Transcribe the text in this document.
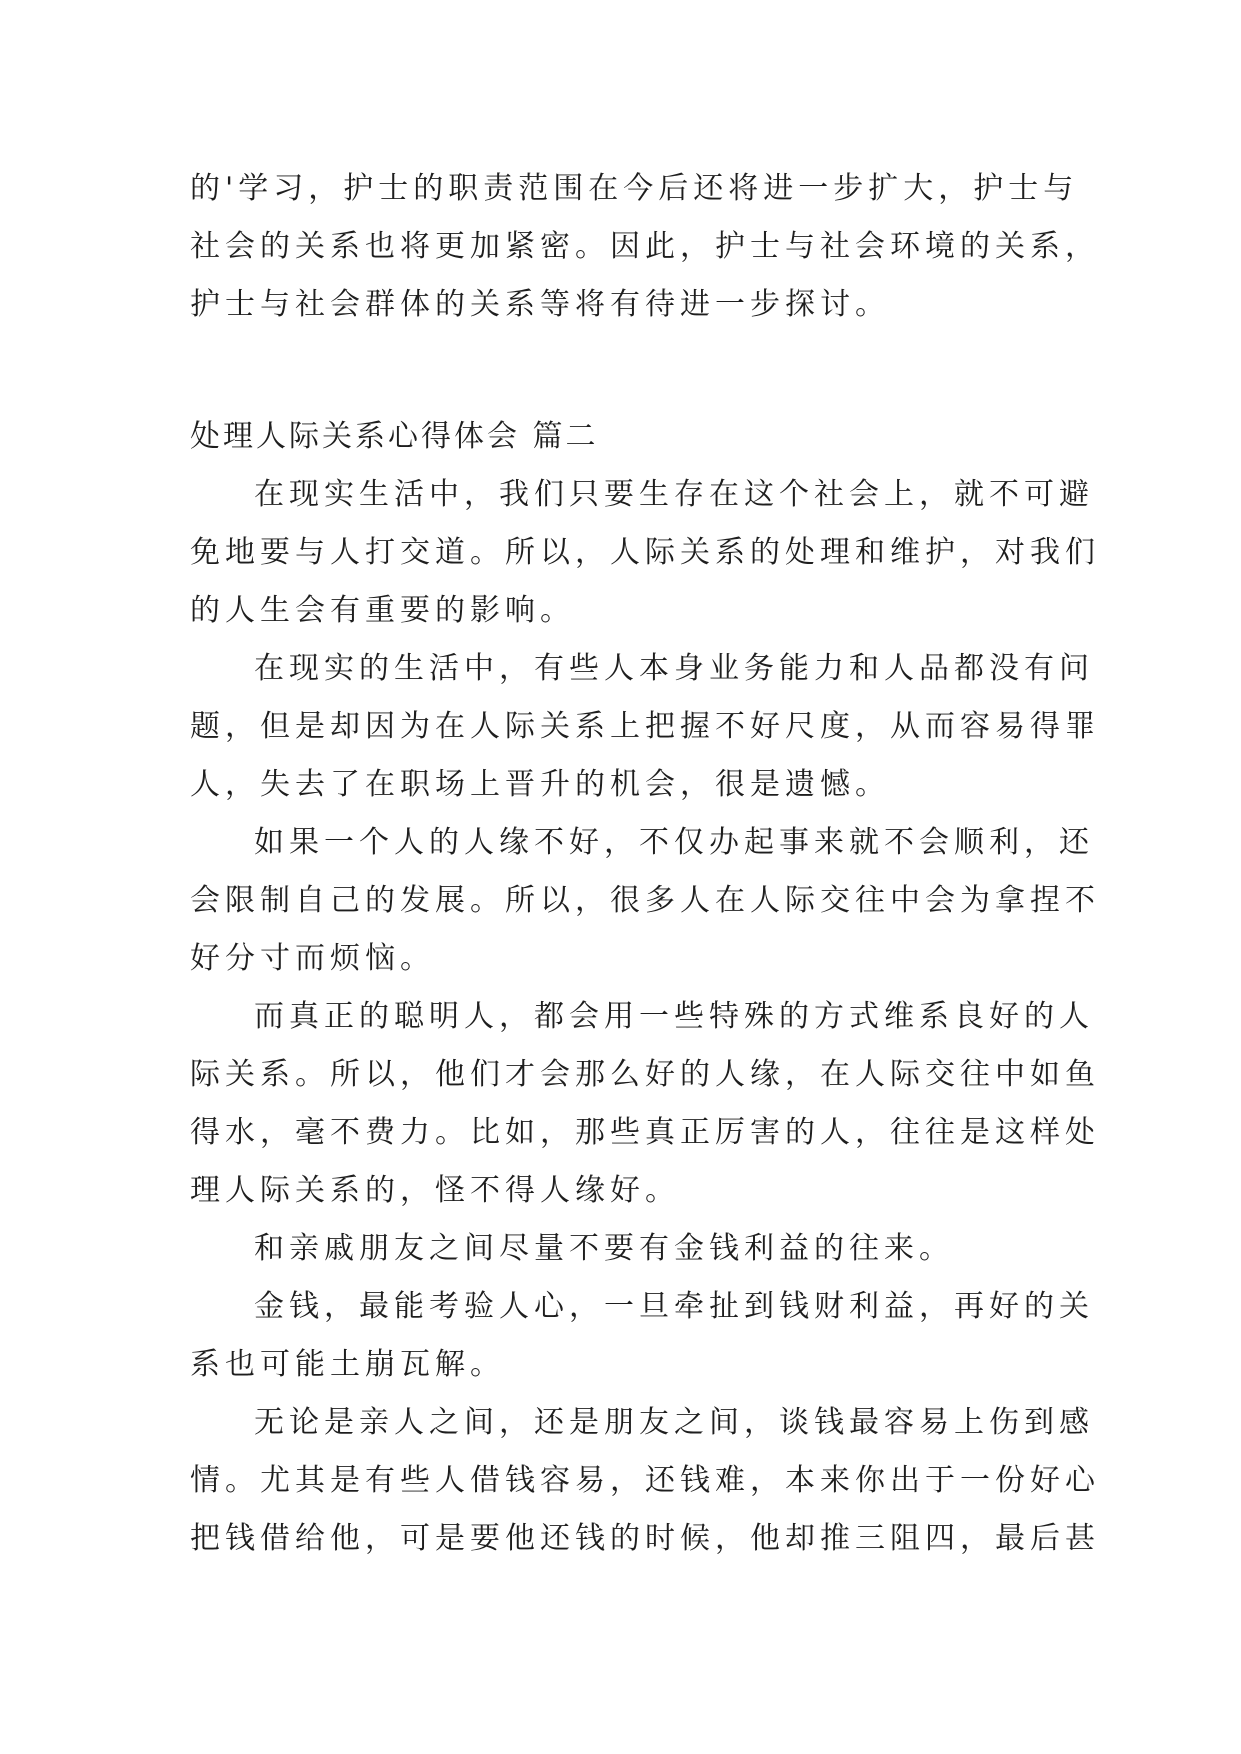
的'学习，护士的职责范围在今后还将进一步扩大，护士与
社会的关系也将更加紧密。因此，护士与社会环境的关系，
护士与社会群体的关系等将有待进一步探讨。
处理人际关系心得体会 篇二
在现实生活中，我们只要生存在这个社会上，就不可避
免地要与人打交道。所以，人际关系的处理和维护，对我们
的人生会有重要的影响。
在现实的生活中，有些人本身业务能力和人品都没有问
题，但是却因为在人际关系上把握不好尺度，从而容易得罪
人，失去了在职场上晋升的机会，很是遗憾。
如果一个人的人缘不好，不仅办起事来就不会顺利，还
会限制自己的发展。所以，很多人在人际交往中会为拿捏不
好分寸而烦恼。
而真正的聪明人，都会用一些特殊的方式维系良好的人
际关系。所以，他们才会那么好的人缘，在人际交往中如鱼
得水，毫不费力。比如，那些真正厉害的人，往往是这样处
理人际关系的，怪不得人缘好。
和亲戚朋友之间尽量不要有金钱利益的往来。
金钱，最能考验人心，一旦牵扯到钱财利益，再好的关
系也可能土崩瓦解。
无论是亲人之间，还是朋友之间，谈钱最容易上伤到感
情。尤其是有些人借钱容易，还钱难，本来你出于一份好心
把钱借给他，可是要他还钱的时候，他却推三阻四，最后甚
